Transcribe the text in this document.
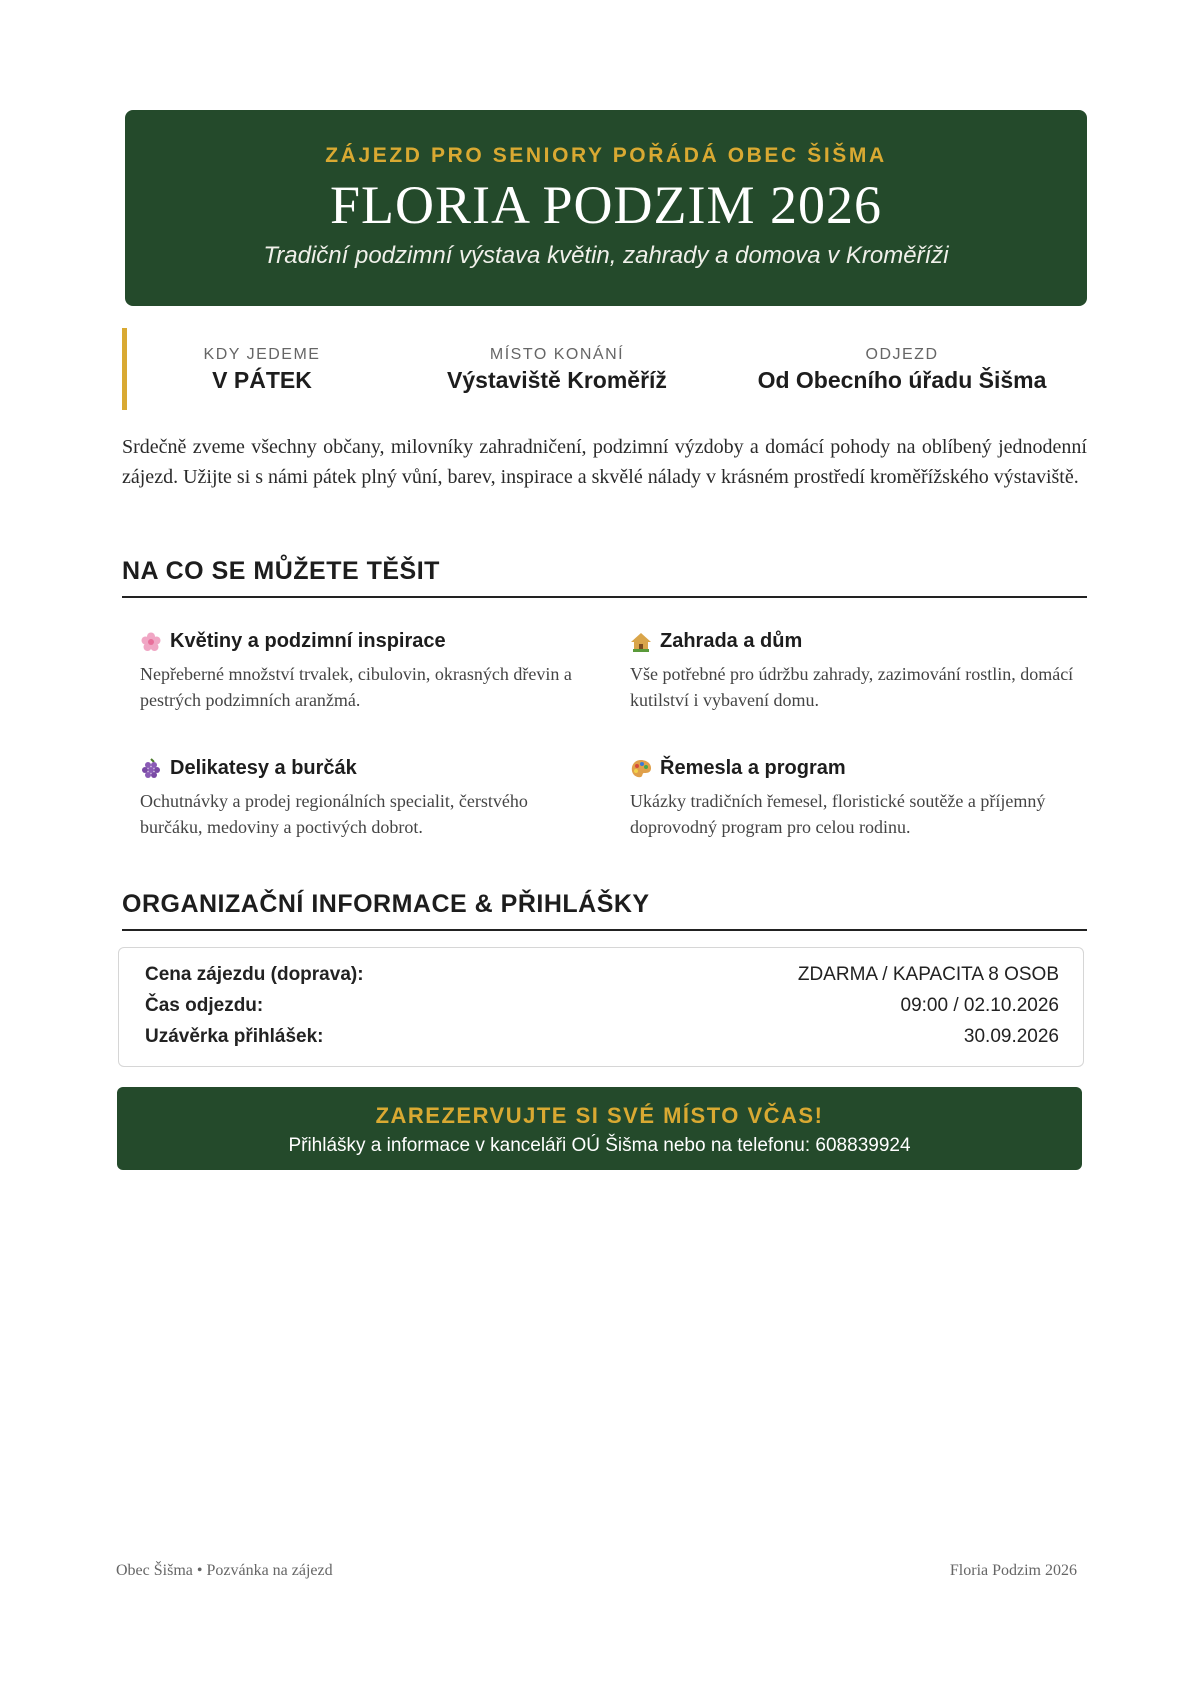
ZÁJEZD PRO SENIORY POŘÁDÁ OBEC ŠIŠMA
FLORIA PODZIM 2026
Tradiční podzimní výstava květin, zahrady a domova v Kroměříži
KDY JEDEME
V PÁTEK
MÍSTO KONÁNÍ
Výstaviště Kroměříž
ODJEZD
Od Obecního úřadu Šišma
Srdečně zveme všechny občany, milovníky zahradničení, podzimní výzdoby a domácí pohody na oblíbený jednodenní zájezd. Užijte si s námi pátek plný vůní, barev, inspirace a skvělé nálady v krásném prostředí kroměřížského výstaviště.
NA CO SE MŮŽETE TĚŠIT
Květiny a podzimní inspirace
Nepřeberné množství trvalek, cibulovin, okrasných dřevin a pestrých podzimních aranžmá.
Zahrada a dům
Vše potřebné pro údržbu zahrady, zazimování rostlin, domácí kutilství i vybavení domu.
Delikatesy a burčák
Ochutnávky a prodej regionálních specialit, čerstvého burčáku, medoviny a poctivých dobrot.
Řemesla a program
Ukázky tradičních řemesel, floristické soutěže a příjemný doprovodný program pro celou rodinu.
ORGANIZAČNÍ INFORMACE & PŘIHLÁŠKY
Cena zájezdu (doprava):	ZDARMA / KAPACITA 8 OSOB
Čas odjezdu:	09:00 / 02.10.2026
Uzávěrka přihlášek:	30.09.2026
ZAREZERVUJTE SI SVÉ MÍSTO VČAS!
Přihlášky a informace v kanceláři OÚ Šišma nebo na telefonu: 608839924
Obec Šišma • Pozvánka na zájezd	Floria Podzim 2026
